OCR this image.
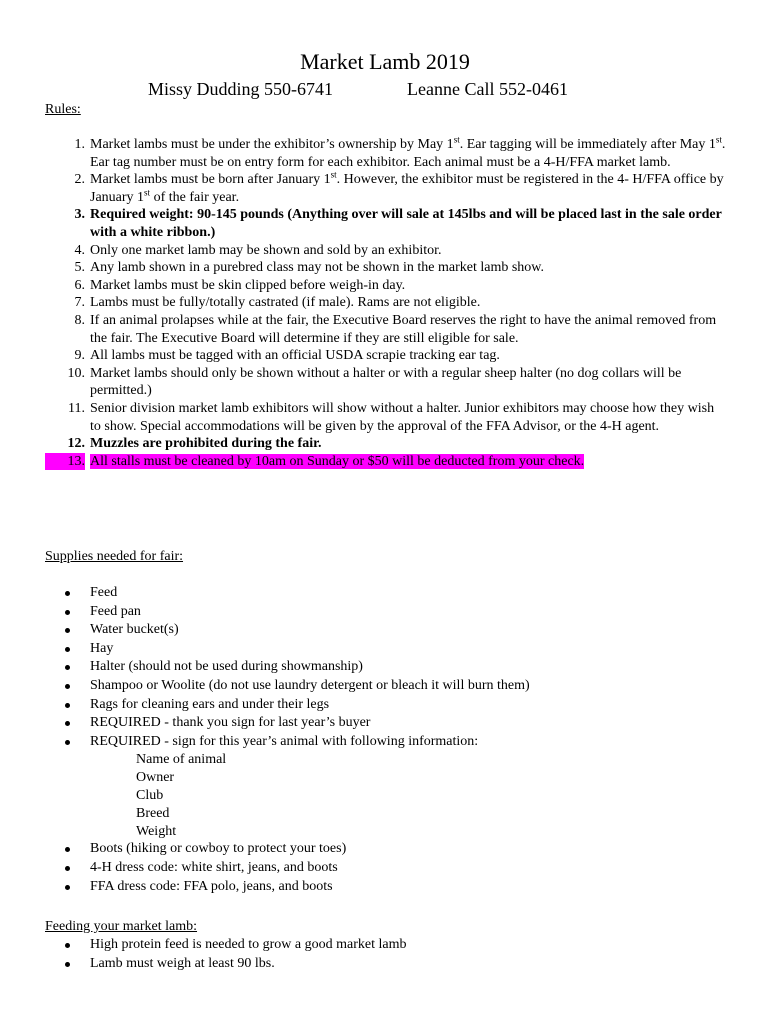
Market Lamb 2019
Missy Dudding 550-6741	Leanne Call 552-0461
Rules:
1. Market lambs must be under the exhibitor’s ownership by May 1st. Ear tagging will be immediately after May 1st. Ear tag number must be on entry form for each exhibitor. Each animal must be a 4-H/FFA market lamb.
2. Market lambs must be born after January 1st. However, the exhibitor must be registered in the 4- H/FFA office by January 1st of the fair year.
3. Required weight: 90-145 pounds (Anything over will sale at 145lbs and will be placed last in the sale order with a white ribbon.)
4. Only one market lamb may be shown and sold by an exhibitor.
5. Any lamb shown in a purebred class may not be shown in the market lamb show.
6. Market lambs must be skin clipped before weigh-in day.
7. Lambs must be fully/totally castrated (if male). Rams are not eligible.
8. If an animal prolapses while at the fair, the Executive Board reserves the right to have the animal removed from the fair. The Executive Board will determine if they are still eligible for sale.
9. All lambs must be tagged with an official USDA scrapie tracking ear tag.
10. Market lambs should only be shown without a halter or with a regular sheep halter (no dog collars will be permitted.)
11. Senior division market lamb exhibitors will show without a halter. Junior exhibitors may choose how they wish to show. Special accommodations will be given by the approval of the FFA Advisor, or the 4-H agent.
12. Muzzles are prohibited during the fair.
13. All stalls must be cleaned by 10am on Sunday or $50 will be deducted from your check.
Supplies needed for fair:
Feed
Feed pan
Water bucket(s)
Hay
Halter (should not be used during showmanship)
Shampoo or Woolite (do not use laundry detergent or bleach it will burn them)
Rags for cleaning ears and under their legs
REQUIRED - thank you sign for last year’s buyer
REQUIRED - sign for this year’s animal with following information:
Name of animal
Owner
Club
Breed
Weight
Boots (hiking or cowboy to protect your toes)
4-H dress code: white shirt, jeans, and boots
FFA dress code: FFA polo, jeans, and boots
Feeding your market lamb:
High protein feed is needed to grow a good market lamb
Lamb must weigh at least 90 lbs.
